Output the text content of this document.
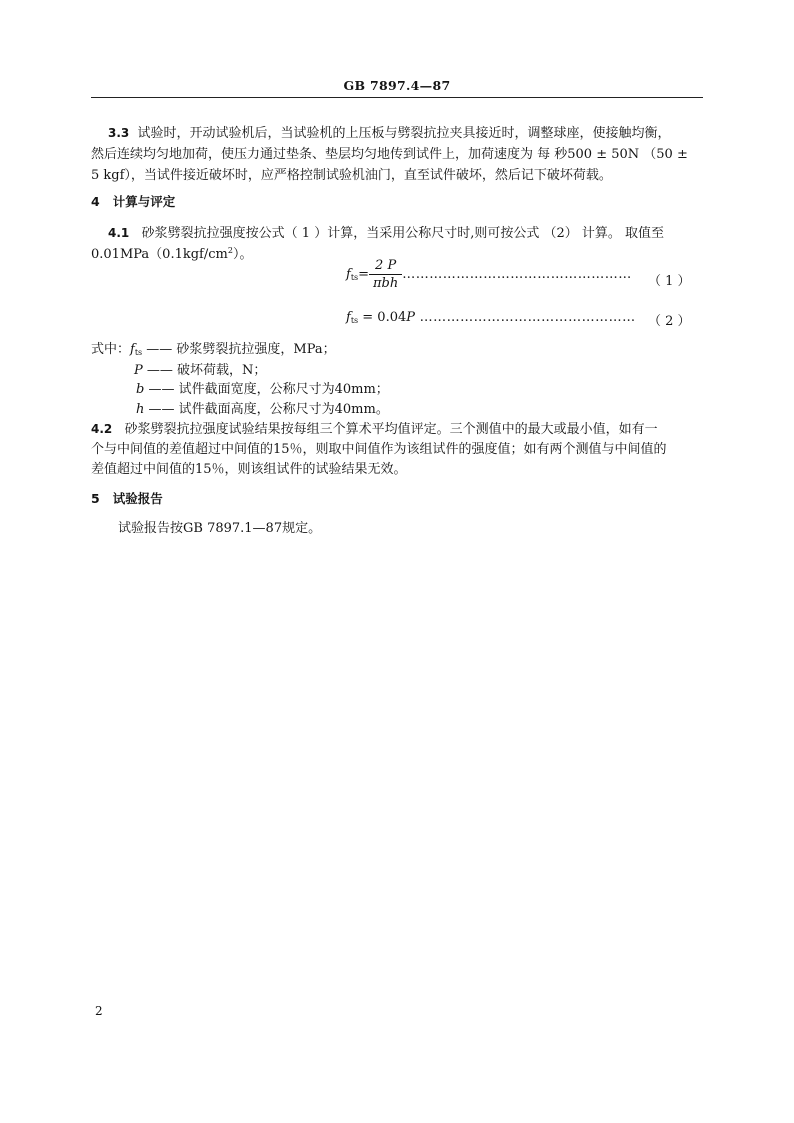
GB 7897.4—87
3.3 试验时，开动试验机后，当试验机的上压板与劈裂抗拉夹具接近时，调整球座，使接触均衡，
然后连续均匀地加荷，使压力通过垫条、垫层均匀地传到试件上，加荷速度为 每 秒500 ± 50N （50 ±
5 kgf），当试件接近破坏时，应严格控制试验机油门，直至试件破坏，然后记下破坏荷载。
4 计算与评定
4.1 砂浆劈裂抗拉强度按公式（ 1 ）计算，当采用公称尺寸时,则可按公式 （2） 计算。 取值至
$0.01MPa(0.1kgf/cm^2)$。
$f_{ts}= \frac{2 P}{\text{πbh}}$ …………………………………………… （ 1 ）
$f_{ts} = 0.04P$ ………………………………………… （ 2 ）
式中：$f_{ts}$ —— 砂浆劈裂抗拉强度，MPa；
P —— 破坏荷载，N；
b —— 试件截面宽度，公称尺寸为40mm；
h —— 试件截面高度，公称尺寸为40mm。
4.2 砂浆劈裂抗拉强度试验结果按每组三个算术平均值评定。三个测值中的最大或最小值，如有一
个与中间值的差值超过中间值的15％，则取中间值作为该组试件的强度值；如有两个测值与中间值的
差值超过中间值的15％，则该组试件的试验结果无效。
5 试验报告
试验报告按GB 7897.1—87规定。
2
